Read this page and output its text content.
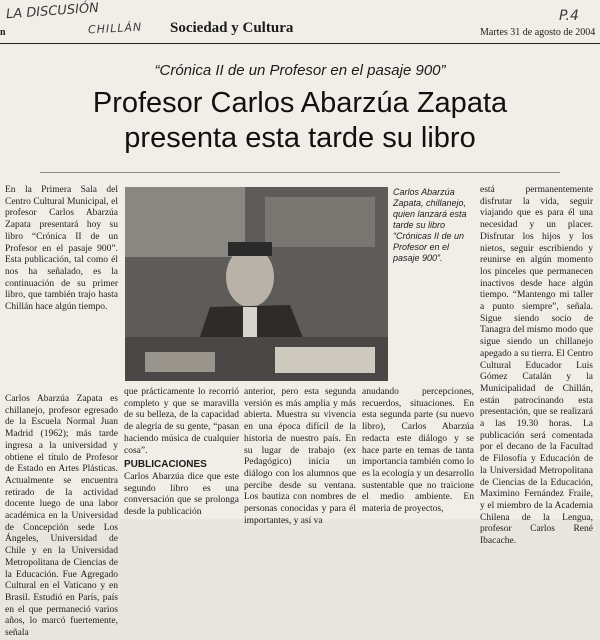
LA DISCUSIÓN
CHILLÁN
P.4
n	Sociedad y Cultura	Martes 31 de agosto de 2004
“Crónica II de un Profesor en el pasaje 900”
Profesor Carlos Abarzúa Zapata
presenta esta tarde su libro
En la Primera Sala del Centro Cultural Municipal, el profesor Carlos Abarzúa Zapata presentará hoy su libro “Crónica II de un Profesor en el pasaje 900”. Esta publicación, tal como él nos ha señalado, es la continuación de su primer libro, que también trajo hasta Chillán hace algún tiempo.
Carlos Abarzúa Zapata es chillanejo, profesor egresado de la Escuela Normal Juan Madrid (1962); más tarde ingresa a la universidad y obtiene el título de Profesor de Estado en Artes Plásticas. Actualmente se encuentra retirado de la actividad docente luego de una labor académica en la Universidad de Concepción sede Los Ángeles, Universidad de Chile y en la Universidad Metropolitana de Ciencias de la Educación. Fue Agregado Cultural en el Vaticano y en Brasil. Estudió en París, país en el que permaneció varios años, lo marcó fuertemente, señala
Carlos Abarzúa Zapata, chillanejo, quien lanzará esta tarde su libro “Crónicas II de un Profesor en el pasaje 900”.
que prácticamente lo recorrió completo y que se maravilla de su belleza, de la capacidad de alegría de su gente, “pasan haciendo música de cualquier cosa”.
PUBLICACIONES
Carlos Abarzúa dice que este segundo libro es una conversación que se prolonga desde la publicación
anterior, pero esta segunda versión es más amplia y más abierta. Muestra su vivencia en una época difícil de la historia de nuestro país. En su lugar de trabajo (ex Pedagógico) inicia un diálogo con los alumnos que percibe desde su ventana. Los bautiza con nombres de personas conocidas y para él importantes, y así va
anudando percepciones, recuerdos, situaciones. En esta segunda parte (su nuevo libro), Carlos Abarzúa redacta este diálogo y se hace parte en temas de tanta importancia también como lo es la ecología y un desarrollo sustentable que no traicione el medio ambiente. En materia de proyectos,
está permanentemente disfrutar la vida, seguir viajando que es para él una necesidad y un placer. Disfrutar los hijos y los nietos, seguir escribiendo y reunirse en algún momento los pinceles que permanecen inactivos desde hace algún tiempo. “Mantengo mi taller a punto siempre”, señala. Sigue siendo socio de Tanagra del mismo modo que sigue siendo un chillanejo apegado a su tierra. El Centro Cultural Educador Luis Gómez Catalán y la Municipalidad de Chillán, están patrocinando esta presentación, que se realizará a las 19.30 horas. La publicación será comentada por el decano de la Facultad de Filosofía y Educación de la Universidad Metropolitana de Ciencias de la Educación, Maximino Fernández Fraile, y el miembro de la Academia Chilena de la Lengua, profesor Carlos René Ibacache.
